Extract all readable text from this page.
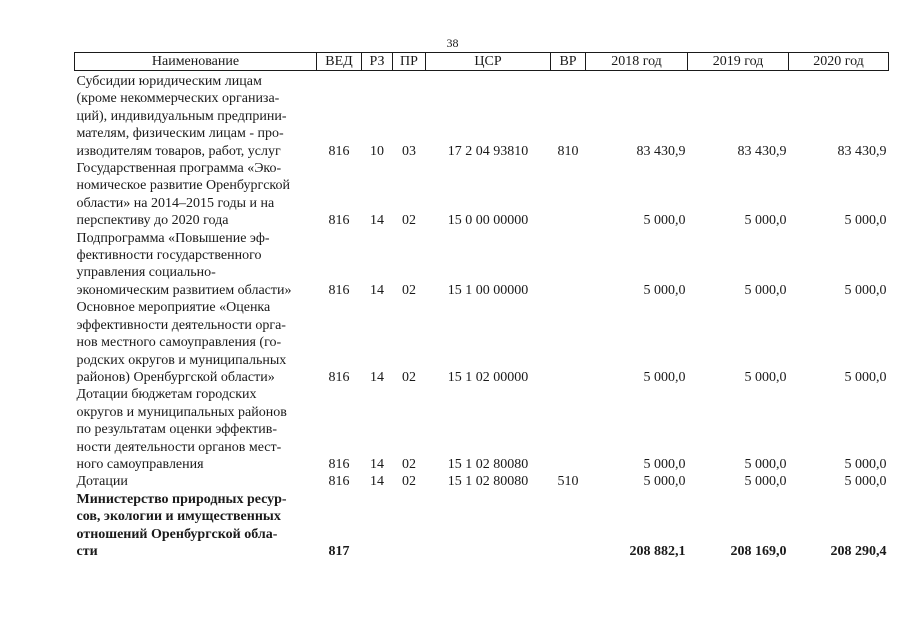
38
Наименование	ВЕД	РЗ	ПР	ЦСР	ВР	2018 год	2019 год	2020 год

Субсидии юридическим лицам
(кроме некоммерческих организа-
ций), индивидуальным предприни-
мателям, физическим лицам - про-
изводителям товаров, работ, услуг	816	10	03	17 2 04 93810	810	83 430,9	83 430,9	83 430,9

Государственная программа «Эко-
номическое развитие Оренбургской
области» на 2014–2015 годы и на
перспективу до 2020 года	816	14	02	15 0 00 00000		5 000,0	5 000,0	5 000,0

Подпрограмма «Повышение эф-
фективности государственного
управления социально-
экономическим развитием области»	816	14	02	15 1 00 00000		5 000,0	5 000,0	5 000,0

Основное мероприятие «Оценка
эффективности деятельности орга-
нов местного самоуправления (го-
родских округов и муниципальных
районов) Оренбургской области»	816	14	02	15 1 02 00000		5 000,0	5 000,0	5 000,0

Дотации бюджетам городских
округов и муниципальных районов
по результатам оценки эффектив-
ности деятельности органов мест-
ного самоуправления	816	14	02	15 1 02 80080		5 000,0	5 000,0	5 000,0

Дотации	816	14	02	15 1 02 80080	510	5 000,0	5 000,0	5 000,0

Министерство природных ресур-
сов, экологии и имущественных
отношений Оренбургской обла-
сти	817					208 882,1	208 169,0	208 290,4
